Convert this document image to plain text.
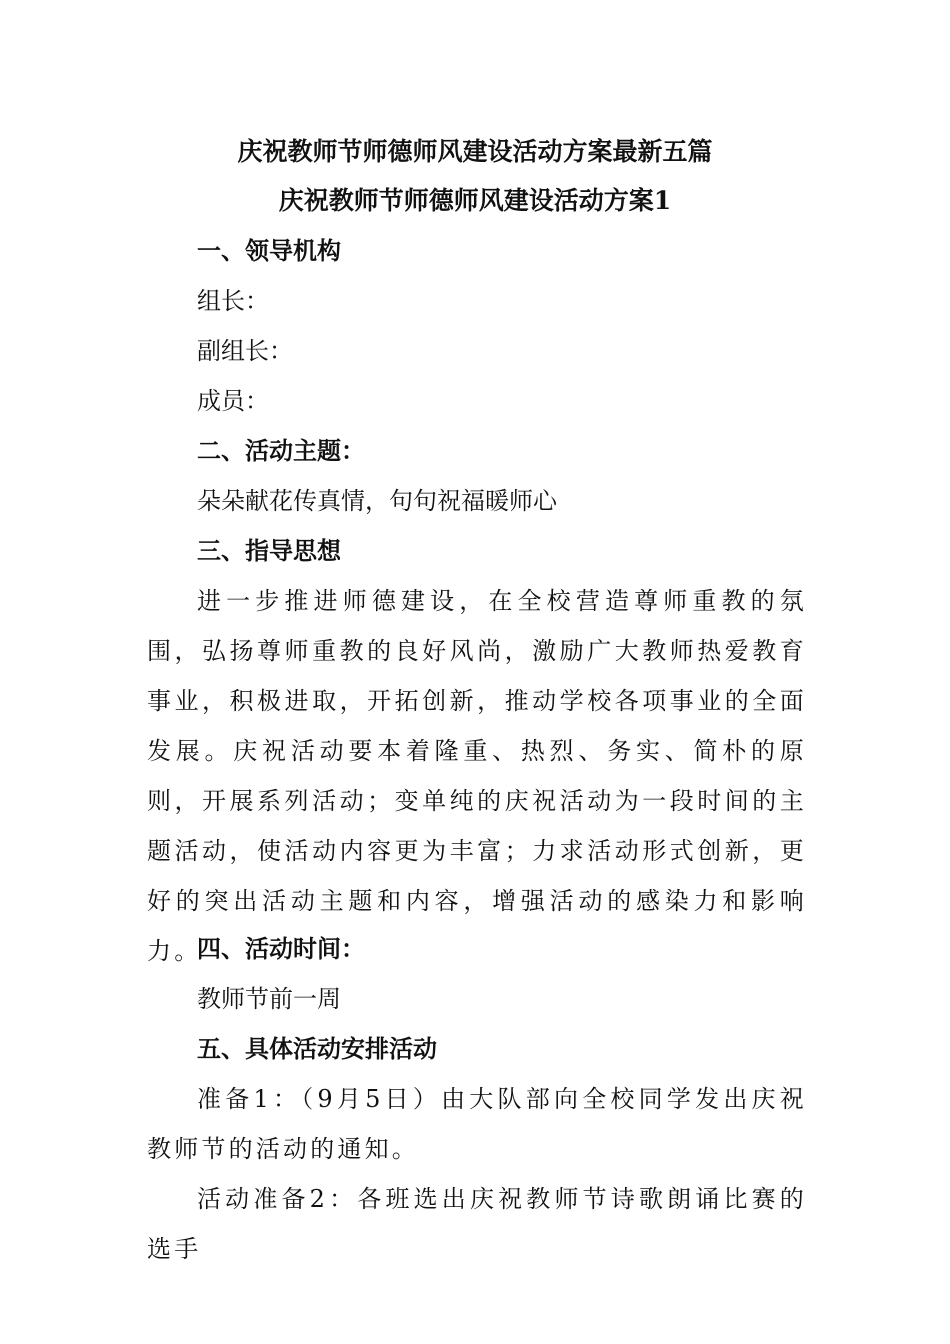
庆祝教师节师德师风建设活动方案最新五篇
庆祝教师节师德师风建设活动方案1
一、领导机构
组长：
副组长：
成员：
二、活动主题：
朵朵献花传真情，句句祝福暖师心
三、指导思想
进一步推进师德建设，在全校营造尊师重教的氛围，弘扬尊师重教的良好风尚，激励广大教师热爱教育事业，积极进取，开拓创新，推动学校各项事业的全面发展。庆祝活动要本着隆重、热烈、务实、简朴的原则，开展系列活动；变单纯的庆祝活动为一段时间的主题活动，使活动内容更为丰富；力求活动形式创新，更好的突出活动主题和内容，增强活动的感染力和影响力。
四、活动时间：
教师节前一周
五、具体活动安排活动
准备1：（9月5日）由大队部向全校同学发出庆祝教师节的活动的通知。
活动准备2：各班选出庆祝教师节诗歌朗诵比赛的选手
